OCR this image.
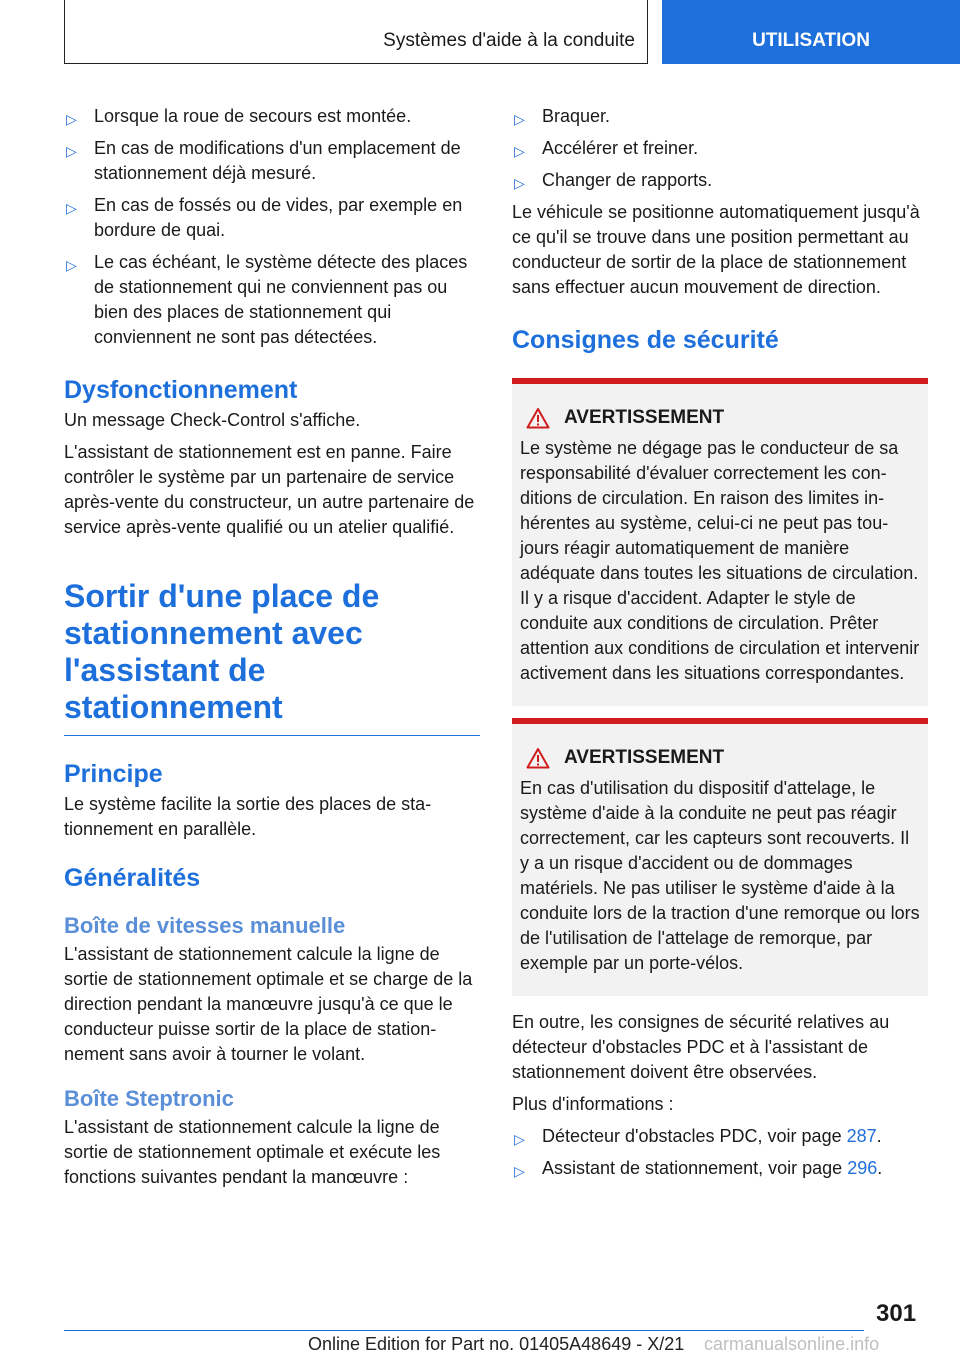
Systèmes d'aide à la conduite	UTILISATION

▷ Lorsque la roue de secours est montée.

▷ En cas de modifications d'un emplacement de stationnement déjà mesuré.

▷ En cas de fossés ou de vides, par exemple en bordure de quai.

▷ Le cas échéant, le système détecte des places de stationnement qui ne conviennent pas ou bien des places de stationnement qui conviennent ne sont pas détectées.

Dysfonctionnement

Un message Check-Control s'affiche.

L'assistant de stationnement est en panne. Faire contrôler le système par un partenaire de service après-vente du constructeur, un autre partenaire de service après-vente qualifié ou un atelier qualifié.

Sortir d'une place de stationnement avec l'assistant de stationnement
Principe

Le système facilite la sortie des places de stationnement en parallèle.

Généralités
Boîte de vitesses manuelle

L'assistant de stationnement calcule la ligne de sortie de stationnement optimale et se charge de la direction pendant la manœuvre jusqu'à ce que le conducteur puisse sortir de la place de stationnement sans avoir à tourner le volant.

Boîte Steptronic

L'assistant de stationnement calcule la ligne de sortie de stationnement optimale et exécute les fonctions suivantes pendant la manœuvre :

▷ Braquer.

▷ Accélérer et freiner.

▷ Changer de rapports.

Le véhicule se positionne automatiquement jusqu'à ce qu'il se trouve dans une position permettant au conducteur de sortir de la place de stationnement sans effectuer aucun mouvement de direction.

Consignes de sécurité
AVERTISSEMENT

Le système ne dégage pas le conducteur de sa responsabilité d'évaluer correctement les conditions de circulation. En raison des limites inhérentes au système, celui-ci ne peut pas toujours réagir automatiquement de manière adéquate dans toutes les situations de circulation. Il y a risque d'accident. Adapter le style de conduite aux conditions de circulation. Prêter attention aux conditions de circulation et intervenir activement dans les situations correspondantes.

AVERTISSEMENT

En cas d'utilisation du dispositif d'attelage, le système d'aide à la conduite ne peut pas réagir correctement, car les capteurs sont recouverts. Il y a un risque d'accident ou de dommages matériels. Ne pas utiliser le système d'aide à la conduite lors de la traction d'une remorque ou lors de l'utilisation de l'attelage de remorque, par exemple par un porte-vélos.

En outre, les consignes de sécurité relatives au détecteur d'obstacles PDC et à l'assistant de stationnement doivent être observées.

Plus d'informations :

▷ Détecteur d'obstacles PDC, voir page 287.

▷ Assistant de stationnement, voir page 296.

301
Online Edition for Part no. 01405A48649 - X/21 carmanualsonline.info
